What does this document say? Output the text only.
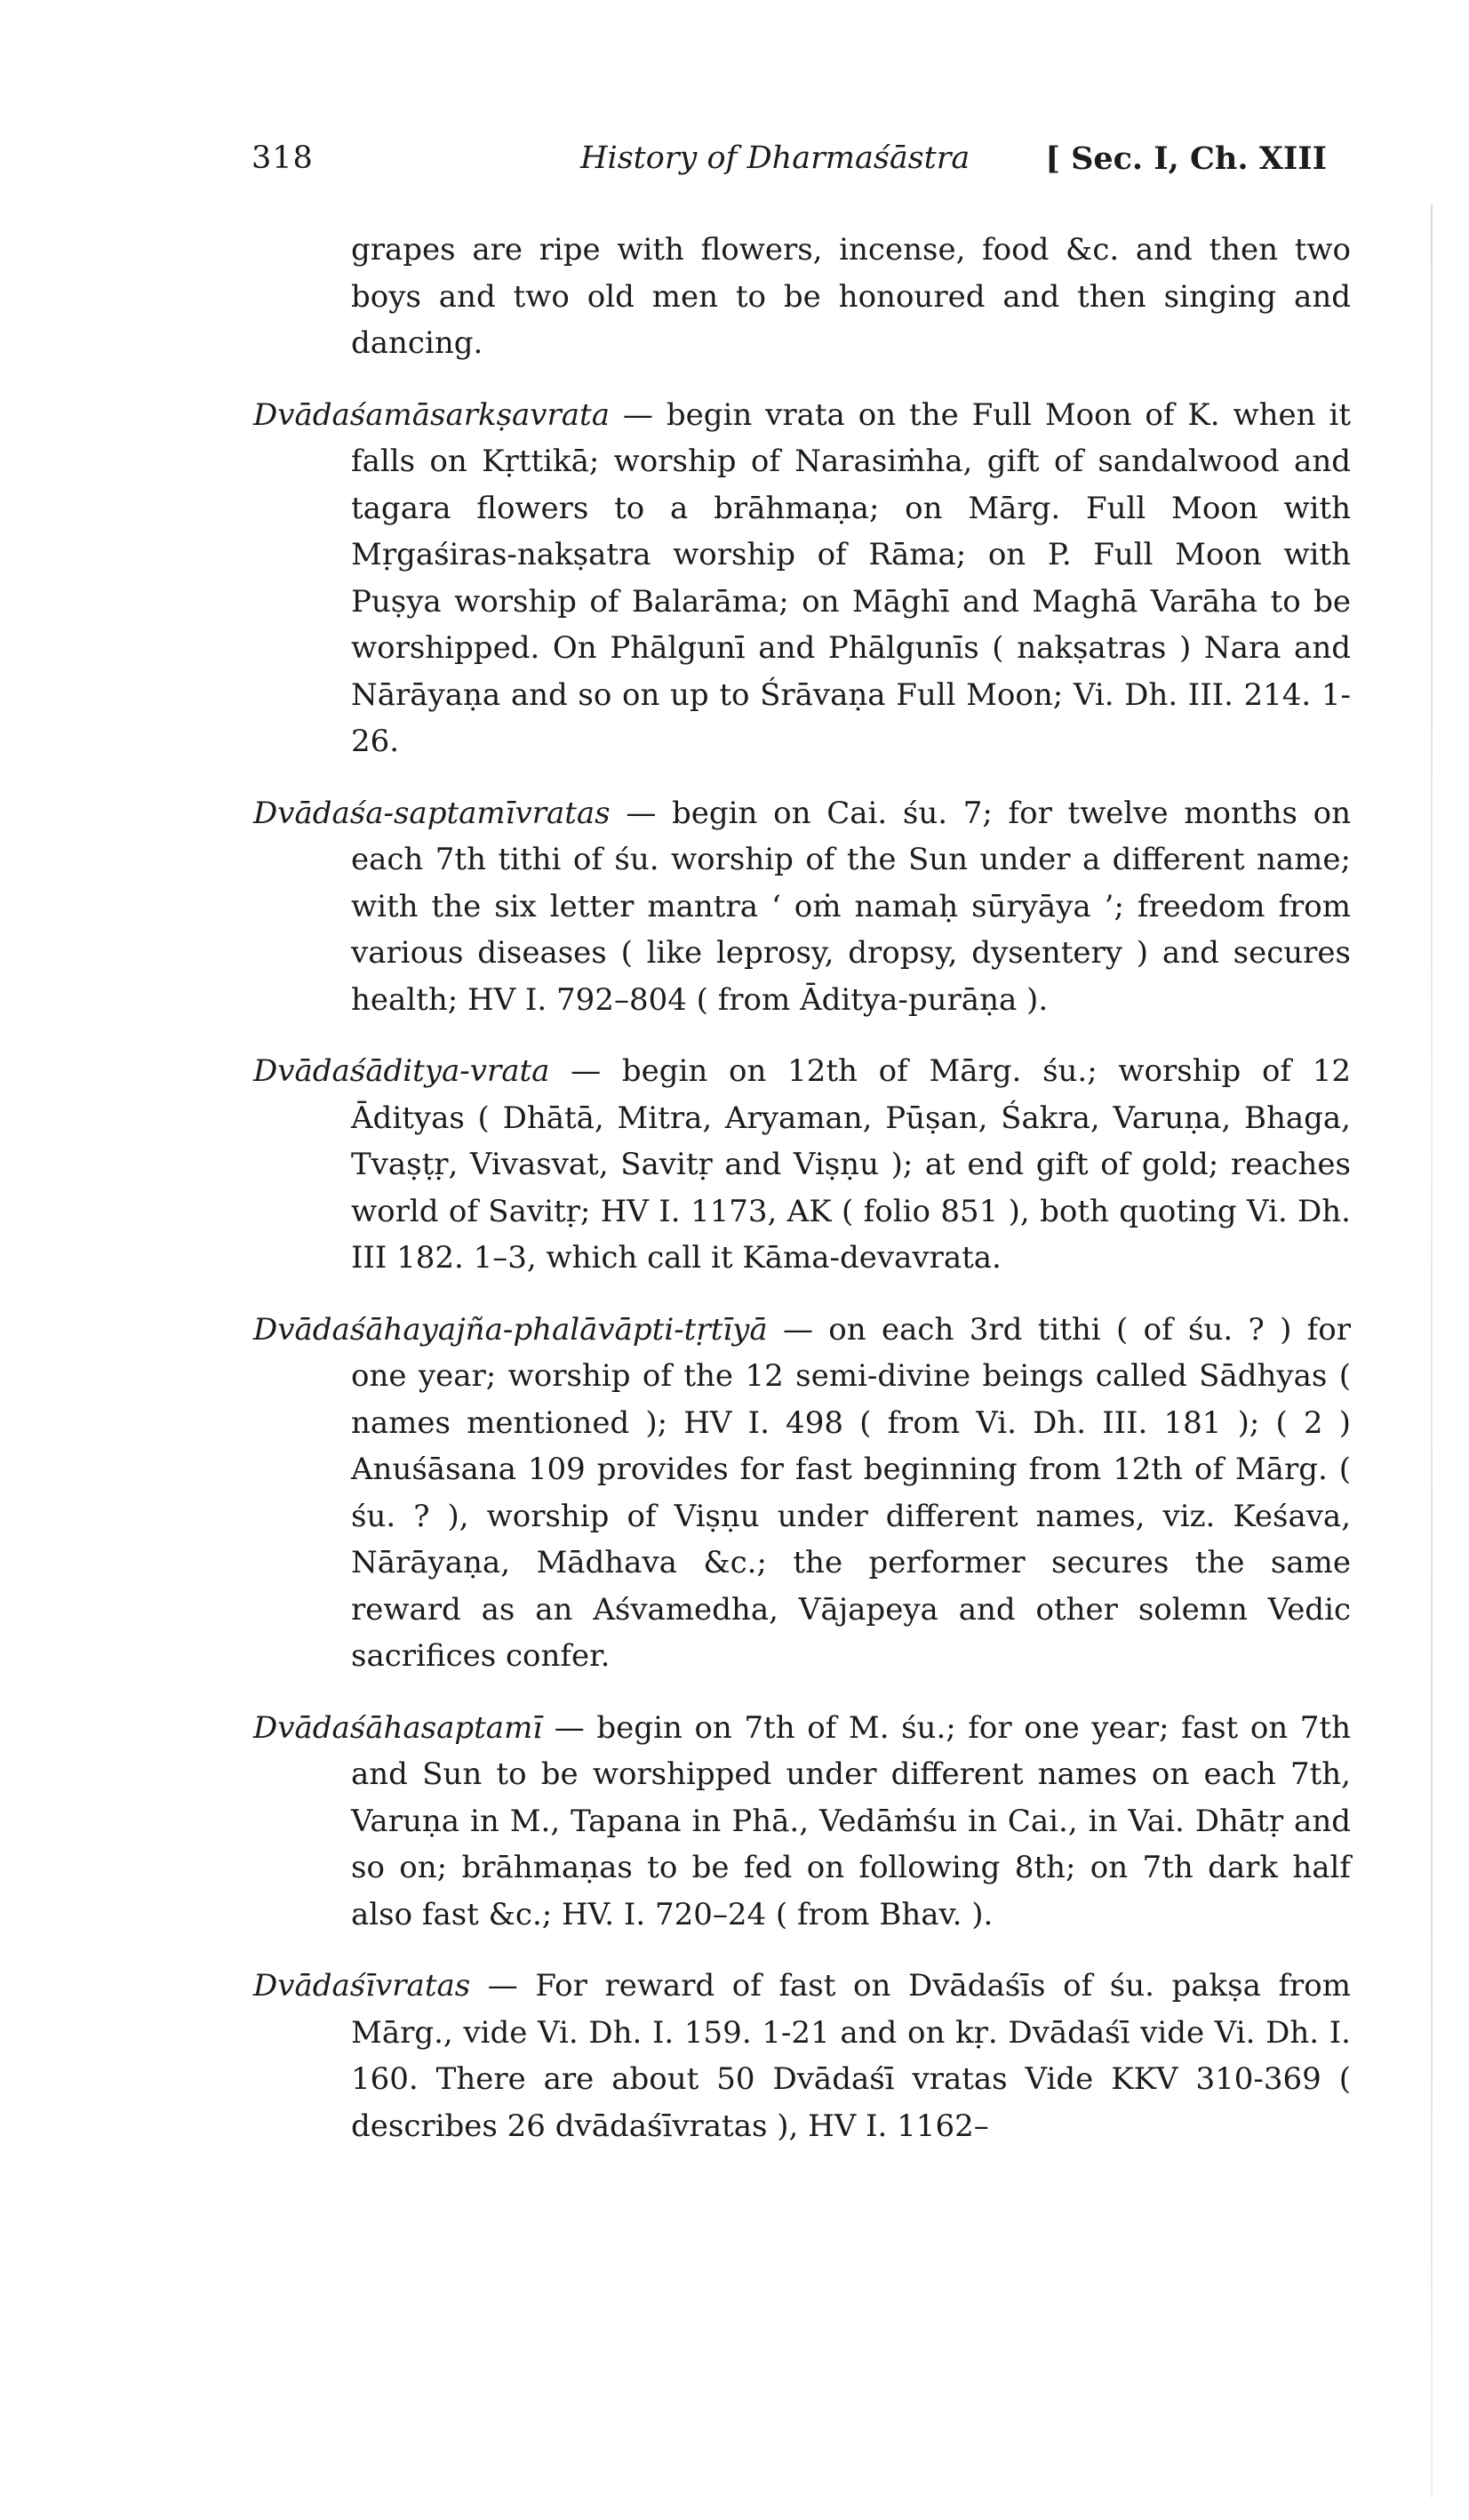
318	History of Dharmaśāstra [ Sec. I, Ch. XIII

grapes are ripe with flowers, incense, food &c. and then two boys and two old men to be honoured and then singing and dancing.

Dvādaśamāsarkṣavrata — begin vrata on the Full Moon of K. when it falls on Kṛttikā; worship of Narasiṁha, gift of sandalwood and tagara flowers to a brāhmaṇa; on Mārg. Full Moon with Mṛgaśiras-nakṣatra worship of Rāma; on P. Full Moon with Puṣya worship of Balarāma; on Māghī and Maghā Varāha to be worshipped. On Phālgunī and Phālgunīs ( nakṣatras ) Nara and Nārāyaṇa and so on up to Śrāvaṇa Full Moon; Vi. Dh. III. 214. 1-26.

Dvādaśa-saptamīvratas — begin on Cai. śu. 7; for twelve months on each 7th tithi of śu. worship of the Sun under a different name; with the six letter mantra ‘ oṁ namaḥ sūryāya ’; freedom from various diseases ( like leprosy, dropsy, dysentery ) and secures health; HV I. 792–804 ( from Āditya-purāṇa ).

Dvādaśāditya-vrata — begin on 12th of Mārg. śu.; worship of 12 Ādityas ( Dhātā, Mitra, Aryaman, Pūṣan, Śakra, Varuṇa, Bhaga, Tvaṣṭṛ, Vivasvat, Savitṛ and Viṣṇu ); at end gift of gold; reaches world of Savitṛ; HV I. 1173, AK ( folio 851 ), both quoting Vi. Dh. III 182. 1–3, which call it Kāma-devavrata.

Dvādaśāhayajña-phalāvāpti-tṛtīyā — on each 3rd tithi ( of śu. ? ) for one year; worship of the 12 semi-divine beings called Sādhyas ( names mentioned ); HV I. 498 ( from Vi. Dh. III. 181 ); ( 2 ) Anuśāsana 109 provides for fast beginning from 12th of Mārg. ( śu. ? ), worship of Viṣṇu under different names, viz. Keśava, Nārāyaṇa, Mādhava &c.; the performer secures the same reward as an Aśvamedha, Vājapeya and other solemn Vedic sacrifices confer.

Dvādaśāhasaptamī — begin on 7th of M. śu.; for one year; fast on 7th and Sun to be worshipped under different names on each 7th, Varuṇa in M., Tapana in Phā., Vedāṁśu in Cai., in Vai. Dhātṛ and so on; brāhmaṇas to be fed on following 8th; on 7th dark half also fast &c.; HV. I. 720–24 ( from Bhav. ).

Dvādaśīvratas — For reward of fast on Dvādaśīs of śu. pakṣa from Mārg., vide Vi. Dh. I. 159. 1-21 and on kṛ. Dvādaśī vide Vi. Dh. I. 160. There are about 50 Dvādaśī vratas Vide KKV 310-369 ( describes 26 dvādaśīvratas ), HV I. 1162–
